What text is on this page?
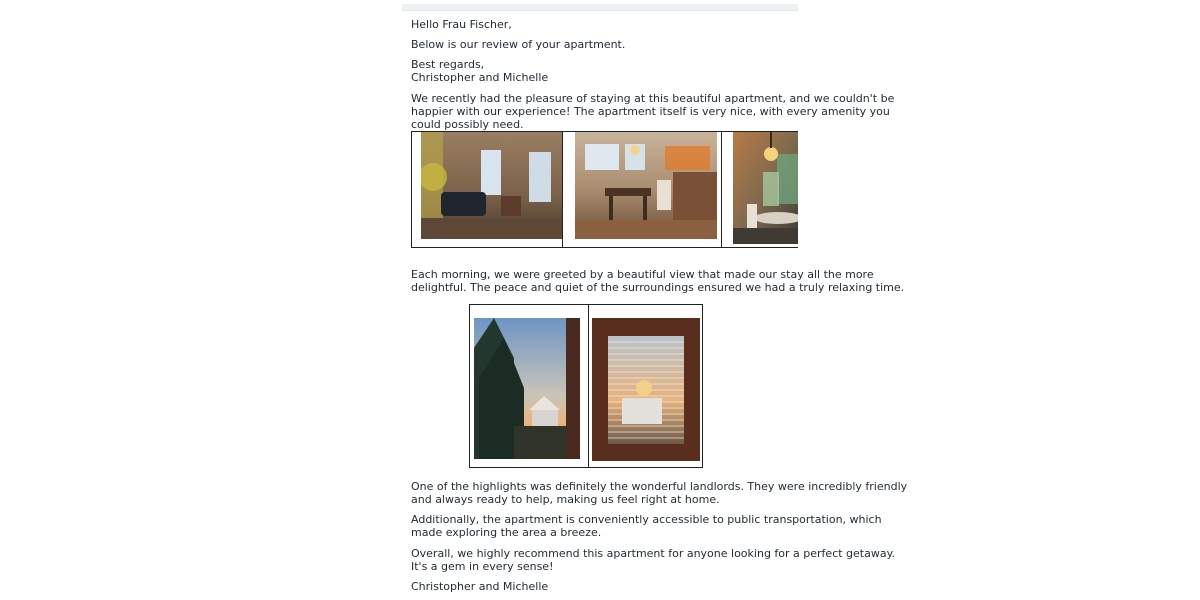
Hello Frau Fischer,

Below is our review of your apartment.

Best regards,

Christopher and Michelle

We recently had the pleasure of staying at this beautiful apartment, and we couldn't be

happier with our experience! The apartment itself is very nice, with every amenity you

could possibly need.

Each morning, we were greeted by a beautiful view that made our stay all the more

delightful. The peace and quiet of the surroundings ensured we had a truly relaxing time.

One of the highlights was definitely the wonderful landlords. They were incredibly friendly

and always ready to help, making us feel right at home.

Additionally, the apartment is conveniently accessible to public transportation, which

made exploring the area a breeze.

Overall, we highly recommend this apartment for anyone looking for a perfect getaway.

It's a gem in every sense!

Christopher and Michelle
